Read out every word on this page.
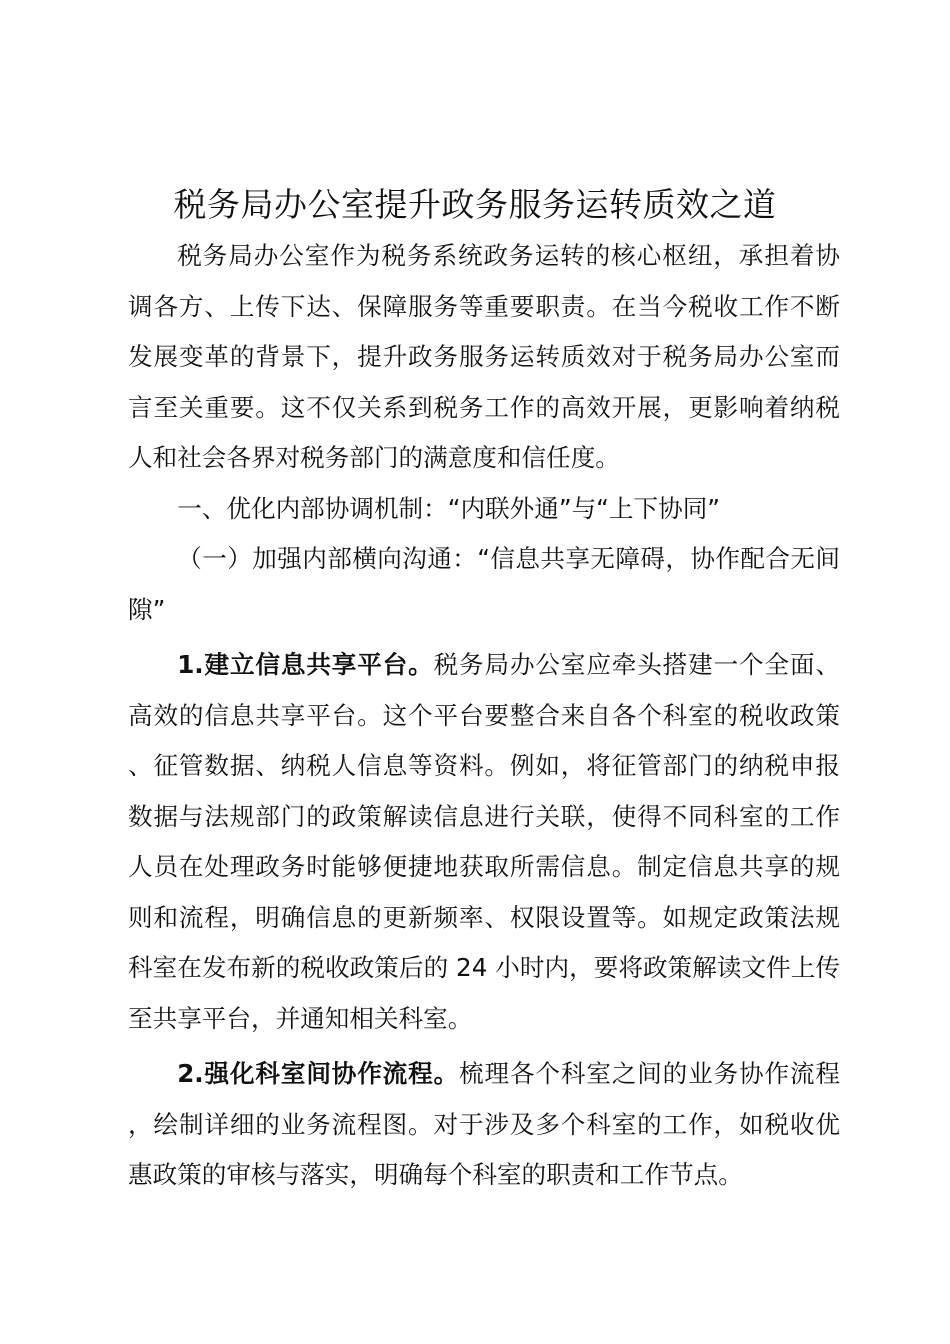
税务局办公室提升政务服务运转质效之道

税务局办公室作为税务系统政务运转的核心枢纽，承担着协调各方、上传下达、保障服务等重要职责。在当今税收工作不断发展变革的背景下，提升政务服务运转质效对于税务局办公室而言至关重要。这不仅关系到税务工作的高效开展，更影响着纳税人和社会各界对税务部门的满意度和信任度。

一、优化内部协调机制：“内联外通”与“上下协同”

（一）加强内部横向沟通：“信息共享无障碍，协作配合无间隙”

1.建立信息共享平台。税务局办公室应牵头搭建一个全面、高效的信息共享平台。这个平台要整合来自各个科室的税收政策、征管数据、纳税人信息等资料。例如，将征管部门的纳税申报数据与法规部门的政策解读信息进行关联，使得不同科室的工作人员在处理政务时能够便捷地获取所需信息。制定信息共享的规则和流程，明确信息的更新频率、权限设置等。如规定政策法规科室在发布新的税收政策后的 24 小时内，要将政策解读文件上传至共享平台，并通知相关科室。

2.强化科室间协作流程。梳理各个科室之间的业务协作流程，绘制详细的业务流程图。对于涉及多个科室的工作，如税收优惠政策的审核与落实，明确每个科室的职责和工作节点。
